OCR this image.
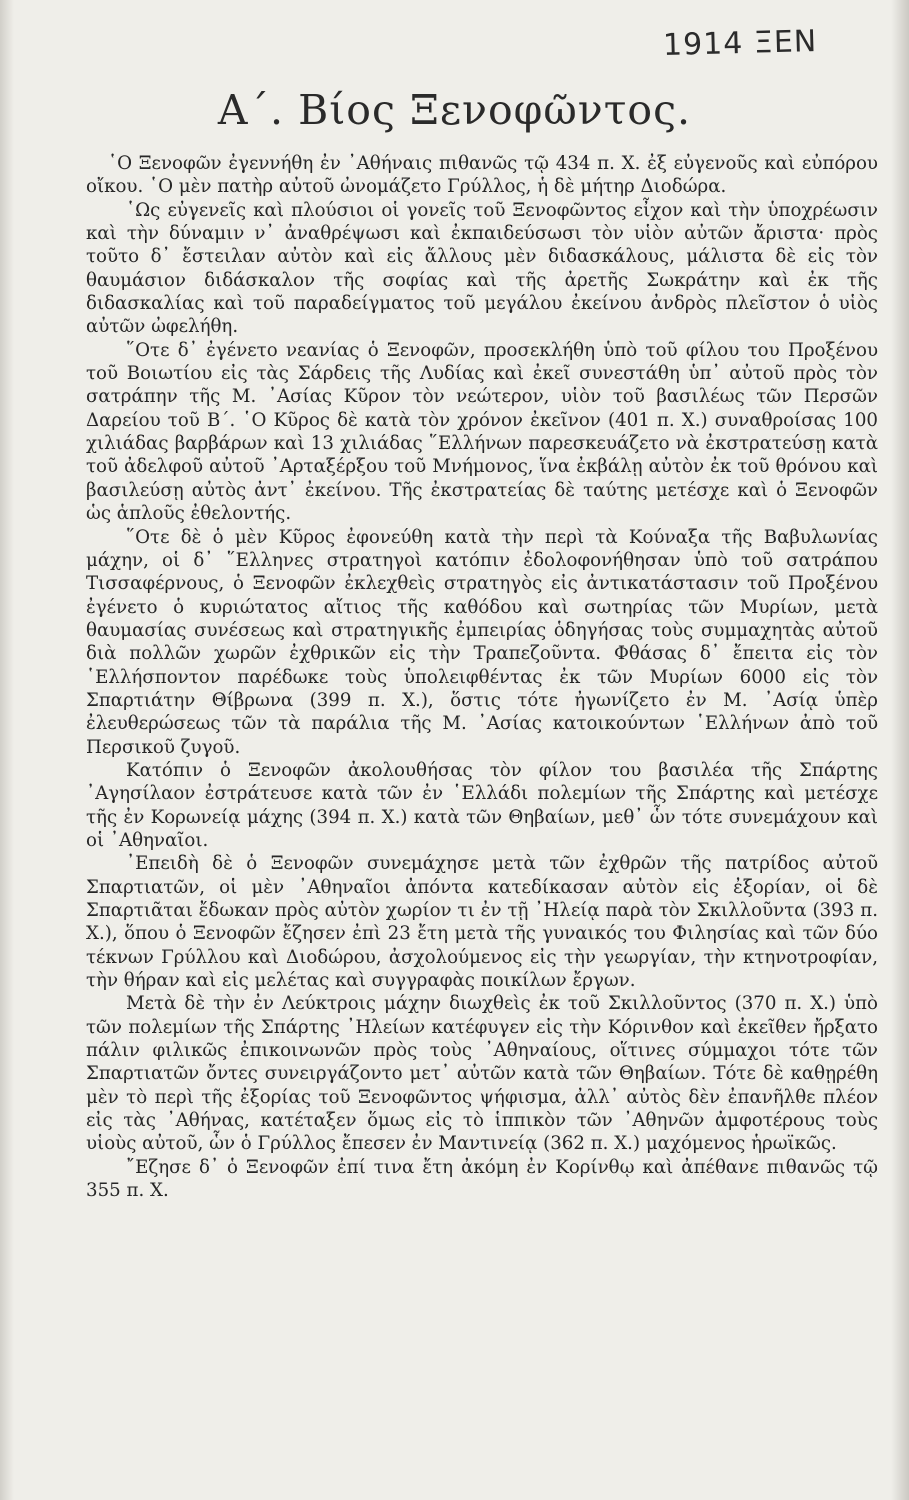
1914 ΞΕΝ
Α΄. Βίος Ξενοφῶντος.

῾Ο Ξενοφῶν ἐγεννήθη ἐν ᾿Αθήναις πιθανῶς τῷ 434 π. Χ. ἐξ εὐγενοῦς καὶ εὐπόρου οἴκου. ῾Ο μὲν πατὴρ αὐτοῦ ὠνομάζετο Γρύλλος, ἡ δὲ μήτηρ Διοδώρα.

῾Ως εὐγενεῖς καὶ πλούσιοι οἱ γονεῖς τοῦ Ξενοφῶντος εἶχον καὶ τὴν ὑποχρέωσιν καὶ τὴν δύναμιν ν᾿ ἀναθρέψωσι καὶ ἐκπαιδεύσωσι τὸν υἱὸν αὐτῶν ἄριστα· πρὸς τοῦτο δ᾿ ἔστειλαν αὐτὸν καὶ εἰς ἄλλους μὲν διδασκάλους, μάλιστα δὲ εἰς τὸν θαυμάσιον διδάσκαλον τῆς σοφίας καὶ τῆς ἀρετῆς Σωκράτην καὶ ἐκ τῆς διδασκαλίας καὶ τοῦ παραδείγματος τοῦ μεγάλου ἐκείνου ἀνδρὸς πλεῖστον ὁ υἱὸς αὐτῶν ὠφελήθη.

῞Οτε δ᾿ ἐγένετο νεανίας ὁ Ξενοφῶν, προσεκλήθη ὑπὸ τοῦ φίλου του Προξένου τοῦ Βοιωτίου εἰς τὰς Σάρδεις τῆς Λυδίας καὶ ἐκεῖ συνεστάθη ὑπ᾿ αὐτοῦ πρὸς τὸν σατράπην τῆς Μ. ᾿Ασίας Κῦρον τὸν νεώτερον, υἱὸν τοῦ βασιλέως τῶν Περσῶν Δαρείου τοῦ Β΄. ῾Ο Κῦρος δὲ κατὰ τὸν χρόνον ἐκεῖνον (401 π. Χ.) συναθροίσας 100 χιλιάδας βαρβάρων καὶ 13 χιλιάδας ῞Ελλήνων παρεσκευάζετο νὰ ἐκστρατεύσῃ κατὰ τοῦ ἀδελφοῦ αὐτοῦ ᾿Αρταξέρξου τοῦ Μνήμονος, ἵνα ἐκβάλῃ αὐτὸν ἐκ τοῦ θρόνου καὶ βασιλεύσῃ αὐτὸς ἀντ᾿ ἐκείνου. Τῆς ἐκστρατείας δὲ ταύτης μετέσχε καὶ ὁ Ξενοφῶν ὡς ἁπλοῦς ἐθελοντής.

῞Οτε δὲ ὁ μὲν Κῦρος ἐφονεύθη κατὰ τὴν περὶ τὰ Κούναξα τῆς Βαβυλωνίας μάχην, οἱ δ᾿ ῞Ελληνες στρατηγοὶ κατόπιν ἐδολοφονήθησαν ὑπὸ τοῦ σατράπου Τισσαφέρνους, ὁ Ξενοφῶν ἐκλεχθεὶς στρατηγὸς εἰς ἀντικατάστασιν τοῦ Προξένου ἐγένετο ὁ κυριώτατος αἴτιος τῆς καθόδου καὶ σωτηρίας τῶν Μυρίων, μετὰ θαυμασίας συνέσεως καὶ στρατηγικῆς ἐμπειρίας ὁδηγήσας τοὺς συμμαχητὰς αὐτοῦ διὰ πολλῶν χωρῶν ἐχθρικῶν εἰς τὴν Τραπεζοῦντα. Φθάσας δ᾿ ἔπειτα εἰς τὸν ῾Ελλήσποντον παρέδωκε τοὺς ὑπολειφθέντας ἐκ τῶν Μυρίων 6000 εἰς τὸν Σπαρτιάτην Θίβρωνα (399 π. Χ.), ὅστις τότε ἠγωνίζετο ἐν Μ. ᾿Ασίᾳ ὑπὲρ ἐλευθερώσεως τῶν τὰ παράλια τῆς Μ. ᾿Ασίας κατοικούντων ῾Ελλήνων ἀπὸ τοῦ Περσικοῦ ζυγοῦ.

Κατόπιν ὁ Ξενοφῶν ἀκολουθήσας τὸν φίλον του βασιλέα τῆς Σπάρτης ᾿Αγησίλαον ἐστράτευσε κατὰ τῶν ἐν ῾Ελλάδι πολεμίων τῆς Σπάρτης καὶ μετέσχε τῆς ἐν Κορωνείᾳ μάχης (394 π. Χ.) κατὰ τῶν Θηβαίων, μεθ᾿ ὧν τότε συνεμάχουν καὶ οἱ ᾿Αθηναῖοι.

᾿Επειδὴ δὲ ὁ Ξενοφῶν συνεμάχησε μετὰ τῶν ἐχθρῶν τῆς πατρίδος αὐτοῦ Σπαρτιατῶν, οἱ μὲν ᾿Αθηναῖοι ἀπόντα κατεδίκασαν αὐτὸν εἰς ἐξορίαν, οἱ δὲ Σπαρτιᾶται ἔδωκαν πρὸς αὐτὸν χωρίον τι ἐν τῇ ᾿Ηλείᾳ παρὰ τὸν Σκιλλοῦντα (393 π. Χ.), ὅπου ὁ Ξενοφῶν ἔζησεν ἐπὶ 23 ἔτη μετὰ τῆς γυναικός του Φιλησίας καὶ τῶν δύο τέκνων Γρύλλου καὶ Διοδώρου, ἀσχολούμενος εἰς τὴν γεωργίαν, τὴν κτηνοτροφίαν, τὴν θήραν καὶ εἰς μελέτας καὶ συγγραφὰς ποικίλων ἔργων.

Μετὰ δὲ τὴν ἐν Λεύκτροις μάχην διωχθεὶς ἐκ τοῦ Σκιλλοῦντος (370 π. Χ.) ὑπὸ τῶν πολεμίων τῆς Σπάρτης ᾿Ηλείων κατέφυγεν εἰς τὴν Κόρινθον καὶ ἐκεῖθεν ἤρξατο πάλιν φιλικῶς ἐπικοινωνῶν πρὸς τοὺς ᾿Αθηναίους, οἵτινες σύμμαχοι τότε τῶν Σπαρτιατῶν ὄντες συνειργάζοντο μετ᾿ αὐτῶν κατὰ τῶν Θηβαίων. Τότε δὲ καθῃρέθη μὲν τὸ περὶ τῆς ἐξορίας τοῦ Ξενοφῶντος ψήφισμα, ἀλλ᾿ αὐτὸς δὲν ἐπανῆλθε πλέον εἰς τὰς ᾿Αθήνας, κατέταξεν ὅμως εἰς τὸ ἱππικὸν τῶν ᾿Αθηνῶν ἀμφοτέρους τοὺς υἱοὺς αὐτοῦ, ὧν ὁ Γρύλλος ἔπεσεν ἐν Μαντινείᾳ (362 π. Χ.) μαχόμενος ἡρωϊκῶς.

῎Εζησε δ᾿ ὁ Ξενοφῶν ἐπί τινα ἔτη ἀκόμη ἐν Κορίνθῳ καὶ ἀπέθανε πιθανῶς τῷ 355 π. Χ.
